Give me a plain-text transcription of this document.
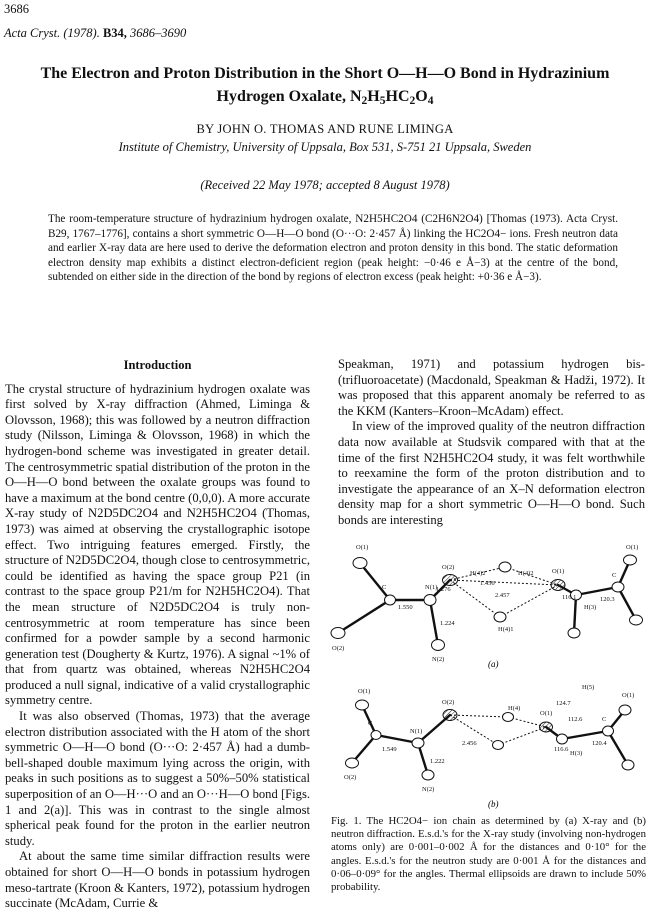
3686
Acta Cryst. (1978). B34, 3686–3690
The Electron and Proton Distribution in the Short O—H—O Bond in Hydrazinium
Hydrogen Oxalate, $N_2H_5HC_2O_4$
BY JOHN O. THOMAS AND RUNE LIMINGA
Institute of Chemistry, University of Uppsala, Box 531, S-751 21 Uppsala, Sweden
(Received 22 May 1978; accepted 8 August 1978)

The room-temperature structure of hydrazinium hydrogen oxalate, N2H5HC2O4 (C2H6N2O4) [Thomas (1973). Acta Cryst. B29, 1767–1776], contains a short symmetric O—H—O bond (O···O: 2·457 Å) linking the HC2O4− ions. Fresh neutron data and earlier X-ray data are here used to derive the deformation electron and proton density in this bond. The static deformation electron density map exhibits a distinct electron-deficient region (peak height: −0·46 e Å−3) at the centre of the bond, subtended on either side in the direction of the bond by regions of electron excess (peak height: +0·36 e Å−3).

Introduction

The crystal structure of hydrazinium hydrogen oxalate was first solved by X-ray diffraction (Ahmed, Liminga & Olovsson, 1968); this was followed by a neutron diffraction study (Nilsson, Liminga & Olovsson, 1968) in which the hydrogen-bond scheme was investigated in greater detail. The centrosymmetric spatial distribution of the proton in the O—H—O bond between the oxalate groups was found to have a maximum at the bond centre (0,0,0). A more accurate X-ray study of N2D5DC2O4 and N2H5HC2O4 (Thomas, 1973) was aimed at observing the crystallographic isotope effect. Two intriguing features emerged. Firstly, the structure of N2D5DC2O4, though close to centrosymmetric, could be identified as having the space group P21 (in contrast to the space group P21/m for N2H5HC2O4). That the mean structure of N2D5DC2O4 is truly non-centrosymmetric at room temperature has since been confirmed for a powder sample by a second harmonic generation test (Dougherty & Kurtz, 1976). A signal ~1% of that from quartz was obtained, whereas N2H5HC2O4 produced a null signal, indicative of a valid crystallographic symmetry centre.

It was also observed (Thomas, 1973) that the average electron distribution associated with the H atom of the short symmetric O—H—O bond (O···O: 2·457 Å) had a dumb-bell-shaped double maximum lying across the origin, with peaks in such positions as to suggest a 50%–50% statistical superposition of an O—H···O and an O···H—O bond [Figs. 1 and 2(a)]. This was in contrast to the single almost spherical peak found for the proton in the earlier neutron study.

At about the same time similar diffraction results were obtained for short O—H—O bonds in potassium hydrogen meso-tartrate (Kroon & Kanters, 1972), potassium hydrogen succinate (McAdam, Currie &

Speakman, 1971) and potassium hydrogen bis-(trifluoroacetate) (Macdonald, Speakman & Hadži, 1972). It was proposed that this apparent anomaly be referred to as the KKM (Kanters–Kroon–McAdam) effect.

In view of the improved quality of the neutron diffraction data now available at Studsvik compared with that at the time of the first N2H5HC2O4 study, it was felt worthwhile to reexamine the form of the proton distribution and to investigate the appearance of an X–N deformation electron density map for a short symmetric O—H—O bond. Such bonds are interesting

O(1)
O(2)
C	N(1)
N(2)
O(2)
O(1)
O(1)
C
H(3)
1.550
1.276
1.224
2.457
H(4)2	H(4)2
1.456
H(4)1
116.1	120.3
(a)
O(1)
C
O(2)
N(1)
N(2)
O(2)
O(1)
O(1)
C
H(3)
1.549
1.222
2.456
H(4)
H(5)
116.6
120.4
112.6
124.7
(b)
Fig. 1. The HC2O4− ion chain as determined by (a) X-ray and (b) neutron diffraction. E.s.d.'s for the X-ray study (involving non-hydrogen atoms only) are 0·001–0·002 Å for the distances and 0·10° for the angles. E.s.d.'s for the neutron study are 0·001 Å for the distances and 0·06–0·09° for the angles. Thermal ellipsoids are drawn to include 50% probability.
